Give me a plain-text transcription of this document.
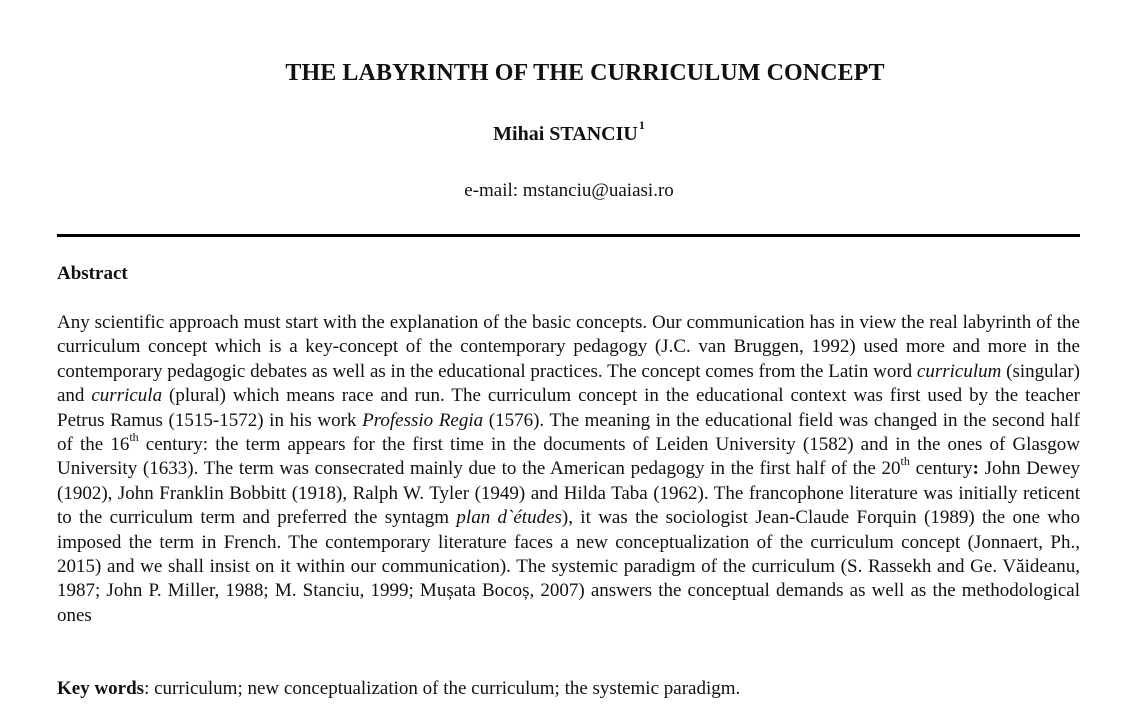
THE LABYRINTH OF THE CURRICULUM CONCEPT
Mihai STANCIU$^1$
e-mail: mstanciu@uaiasi.ro
Abstract

Any scientific approach must start with the explanation of the basic concepts. Our communication has in view the real labyrinth of the curriculum concept which is a key-concept of the contemporary pedagogy (J.C. van Bruggen, 1992) used more and more in the contemporary pedagogic debates as well as in the educational practices. The concept comes from the Latin word curriculum (singular) and curricula (plural) which means race and run. The curriculum concept in the educational context was first used by the teacher Petrus Ramus (1515-1572) in his work Professio Regia (1576). The meaning in the educational field was changed in the second half of the 16th century: the term appears for the first time in the documents of Leiden University (1582) and in the ones of Glasgow University (1633). The term was consecrated mainly due to the American pedagogy in the first half of the 20th century: John Dewey (1902), John Franklin Bobbitt (1918), Ralph W. Tyler (1949) and Hilda Taba (1962). The francophone literature was initially reticent to the curriculum term and preferred the syntagm plan d`études), it was the sociologist Jean-Claude Forquin (1989) the one who imposed the term in French. The contemporary literature faces a new conceptualization of the curriculum concept (Jonnaert, Ph., 2015) and we shall insist on it within our communication). The systemic paradigm of the curriculum (S. Rassekh and Ge. Văideanu, 1987; John P. Miller, 1988; M. Stanciu, 1999; Mușata Bocoș, 2007) answers the conceptual demands as well as the methodological ones

Key words: curriculum; new conceptualization of the curriculum; the systemic paradigm.
